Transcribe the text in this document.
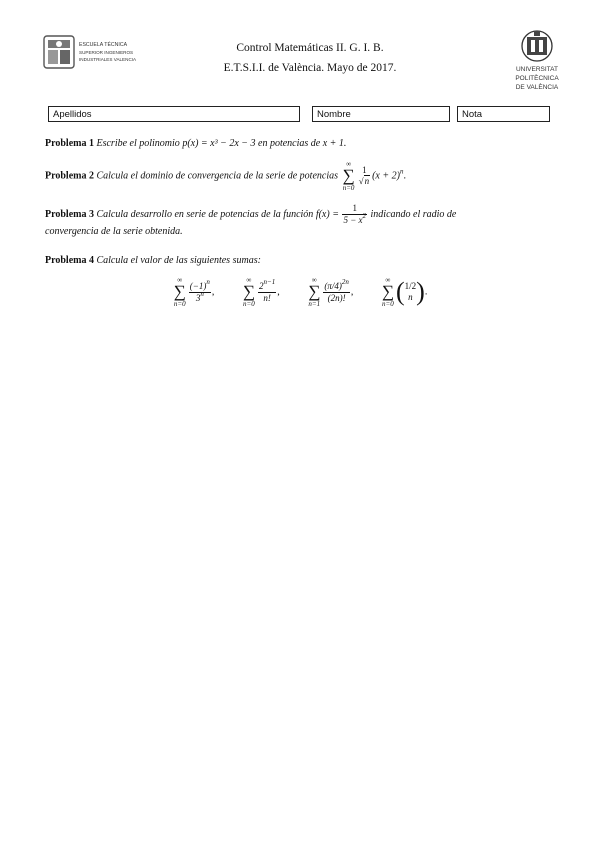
ESCUELA TÉCNICA
SUPERIOR INGENIEROS
INDUSTRIALES VALENCIA
Control Matemáticas II. G. I. B.
E.T.S.I.I. de València. Mayo de 2017.	UNIVERSITAT
POLITÈCNICA
DE VALÈNCIA
Apellidos	Nombre	Nota
Problema 1 Escribe el polinomio p(x) = x³ − 2x − 3 en potencias de x + 1.
Problema 2 Calcula el dominio de convergencia de la serie de potencias
∞
∑
n=0
1
√n $(x + 2)^n$.
Problema 3 Calcula desarrollo en serie de potencias de la función $f(x) = \frac{1}{5 - x^2}$ indicando el radio de
convergencia de la serie obtenida.
Problema 4 Calcula el valor de las siguientes sumas:
∞
∑
n=0
$\frac{(-1)^n}{3^n}$ ,
∞
∑
n=0
$\frac{2^{n-1}}{n!}$ ,
∞
∑
n=1
$\frac{(\pi/4)^{2n}}{(2n)!}$ ,
∞
∑
n=0 ( 1/2
n ).
